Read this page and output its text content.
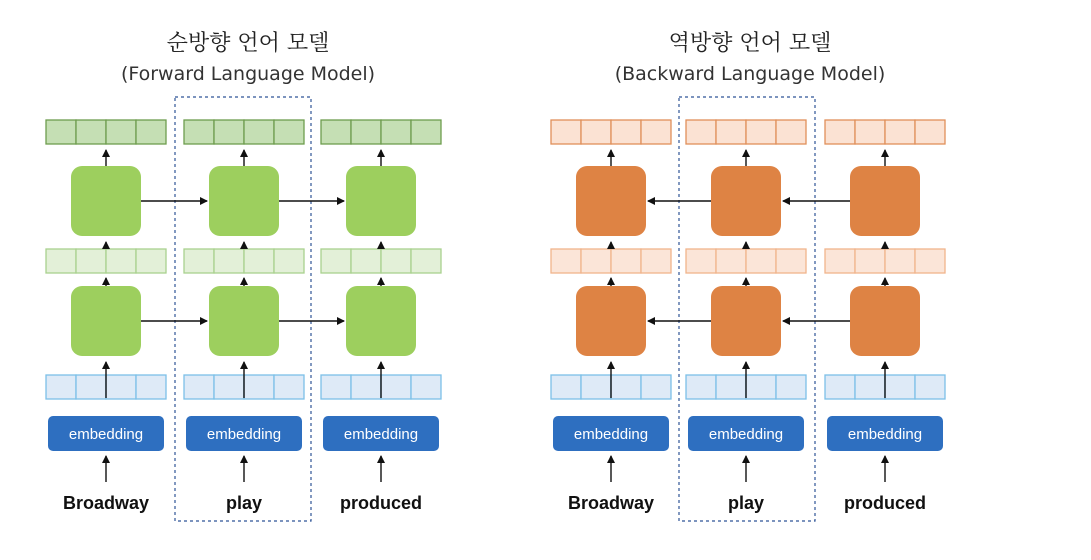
순방향 언어 모델
(Forward Language Model)
역방향 언어 모델
(Backward Language Model)
embedding
Broadway
embedding
play
embedding
produced
embedding
Broadway
embedding
play
embedding
produced
